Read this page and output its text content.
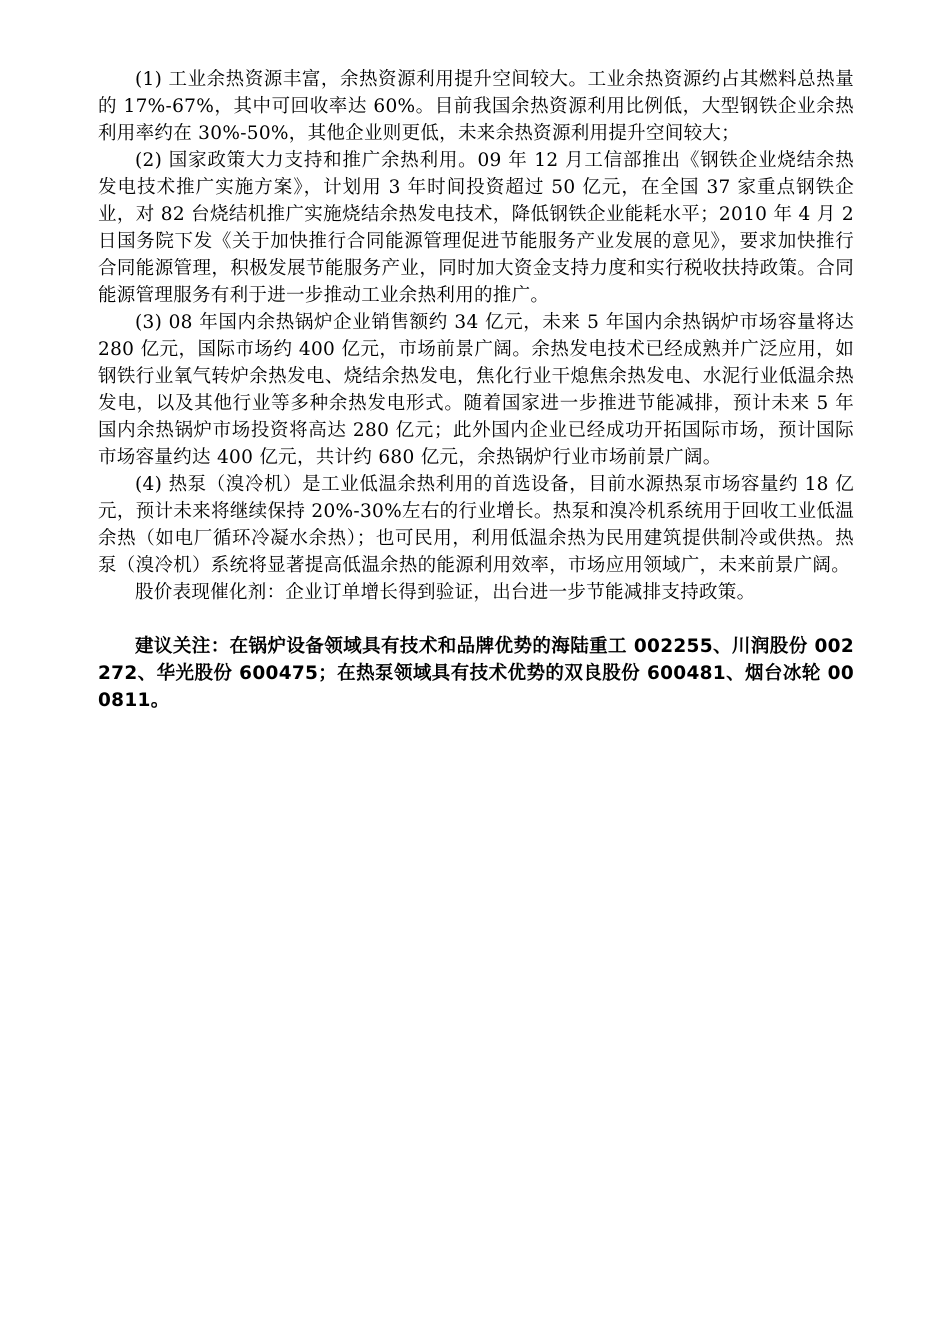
(1) 工业余热资源丰富，余热资源利用提升空间较大。工业余热资源约占其燃料总热量的 17%-67%，其中可回收率达 60%。目前我国余热资源利用比例低，大型钢铁企业余热利用率约在 30%-50%，其他企业则更低，未来余热资源利用提升空间较大；

(2) 国家政策大力支持和推广余热利用。09 年 12 月工信部推出《钢铁企业烧结余热发电技术推广实施方案》，计划用 3 年时间投资超过 50 亿元，在全国 37 家重点钢铁企业，对 82 台烧结机推广实施烧结余热发电技术，降低钢铁企业能耗水平；2010 年 4 月 2 日国务院下发《关于加快推行合同能源管理促进节能服务产业发展的意见》，要求加快推行合同能源管理，积极发展节能服务产业，同时加大资金支持力度和实行税收扶持政策。合同能源管理服务有利于进一步推动工业余热利用的推广。

(3) 08 年国内余热锅炉企业销售额约 34 亿元，未来 5 年国内余热锅炉市场容量将达 280 亿元，国际市场约 400 亿元，市场前景广阔。余热发电技术已经成熟并广泛应用，如钢铁行业氧气转炉余热发电、烧结余热发电，焦化行业干熄焦余热发电、水泥行业低温余热发电，以及其他行业等多种余热发电形式。随着国家进一步推进节能减排，预计未来 5 年国内余热锅炉市场投资将高达 280 亿元；此外国内企业已经成功开拓国际市场，预计国际市场容量约达 400 亿元，共计约 680 亿元，余热锅炉行业市场前景广阔。

(4) 热泵（溴冷机）是工业低温余热利用的首选设备，目前水源热泵市场容量约 18 亿元，预计未来将继续保持 20%-30%左右的行业增长。热泵和溴冷机系统用于回收工业低温余热（如电厂循环冷凝水余热）；也可民用，利用低温余热为民用建筑提供制冷或供热。热泵（溴冷机）系统将显著提高低温余热的能源利用效率，市场应用领域广，未来前景广阔。

股价表现催化剂：企业订单增长得到验证，出台进一步节能减排支持政策。

建议关注：在锅炉设备领域具有技术和品牌优势的海陆重工 002255、川润股份 002272、华光股份 600475；在热泵领域具有技术优势的双良股份 600481、烟台冰轮 000811。
